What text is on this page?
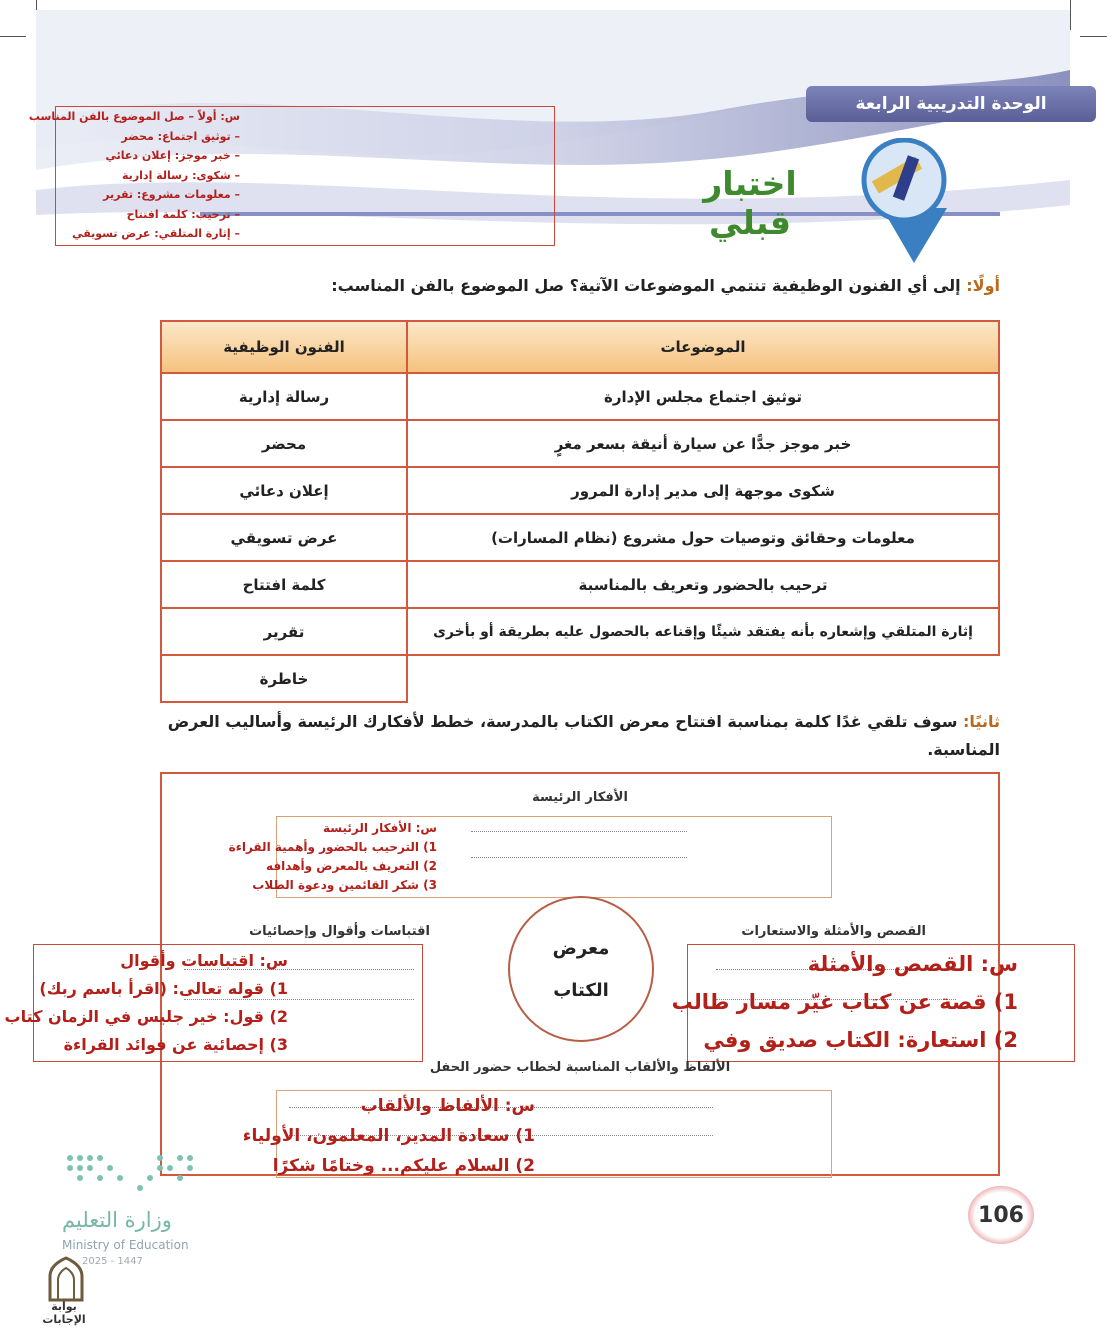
الوحدة التدريبية الرابعة
اختبار قبلي
س: أولاً – صل الموضوع بالفن المناسب
– توثيق اجتماع: محضر
– خبر موجز: إعلان دعائي
– شكوى: رسالة إدارية
– معلومات مشروع: تقرير
– ترحيب: كلمة افتتاح
– إثارة المتلقي: عرض تسويقي
أولًا: إلى أي الفنون الوظيفية تنتمي الموضوعات الآتية؟ صل الموضوع بالفن المناسب:
الموضوعات	الفنون الوظيفية
توثيق اجتماع مجلس الإدارة	رسالة إدارية
خبر موجز جدًّا عن سيارة أنيقة بسعر مغرٍ	محضر
شكوى موجهة إلى مدير إدارة المرور	إعلان دعائي
معلومات وحقائق وتوصيات حول مشروع (نظام المسارات)	عرض تسويقي
ترحيب بالحضور وتعريف بالمناسبة	كلمة افتتاح
إثارة المتلقي وإشعاره بأنه يفتقد شيئًا وإقناعه بالحصول عليه بطريقة أو بأخرى	تقرير
	خاطرة
ثانيًا: سوف تلقي غدًا كلمة بمناسبة افتتاح معرض الكتاب بالمدرسة، خطط لأفكارك الرئيسة وأساليب العرض المناسبة.
الأفكار الرئيسة
س: الأفكار الرئيسة
1) الترحيب بالحضور وأهمية القراءة
2) التعريف بالمعرض وأهدافه
3) شكر القائمين ودعوة الطلاب
اقتباسات وأقوال وإحصائيات
س: اقتباسات وأقوال
1) قوله تعالى: (اقرأ باسم ربك)
2) قول: خير جليس في الزمان كتاب
3) إحصائية عن فوائد القراءة
معرض
الكتاب
القصص والأمثلة والاستعارات
س: القصص والأمثلة
1) قصة عن كتاب غيّر مسار طالب
2) استعارة: الكتاب صديق وفي
الألفاظ والألقاب المناسبة لخطاب حضور الحفل
س: الألفاظ والألقاب
1) سعادة المدير، المعلمون، الأولياء
2) السلام عليكم... وختامًا شكرًا
وزارة التعليم
Ministry of Education
2025 - 1447
بوابة الإجابات
106
